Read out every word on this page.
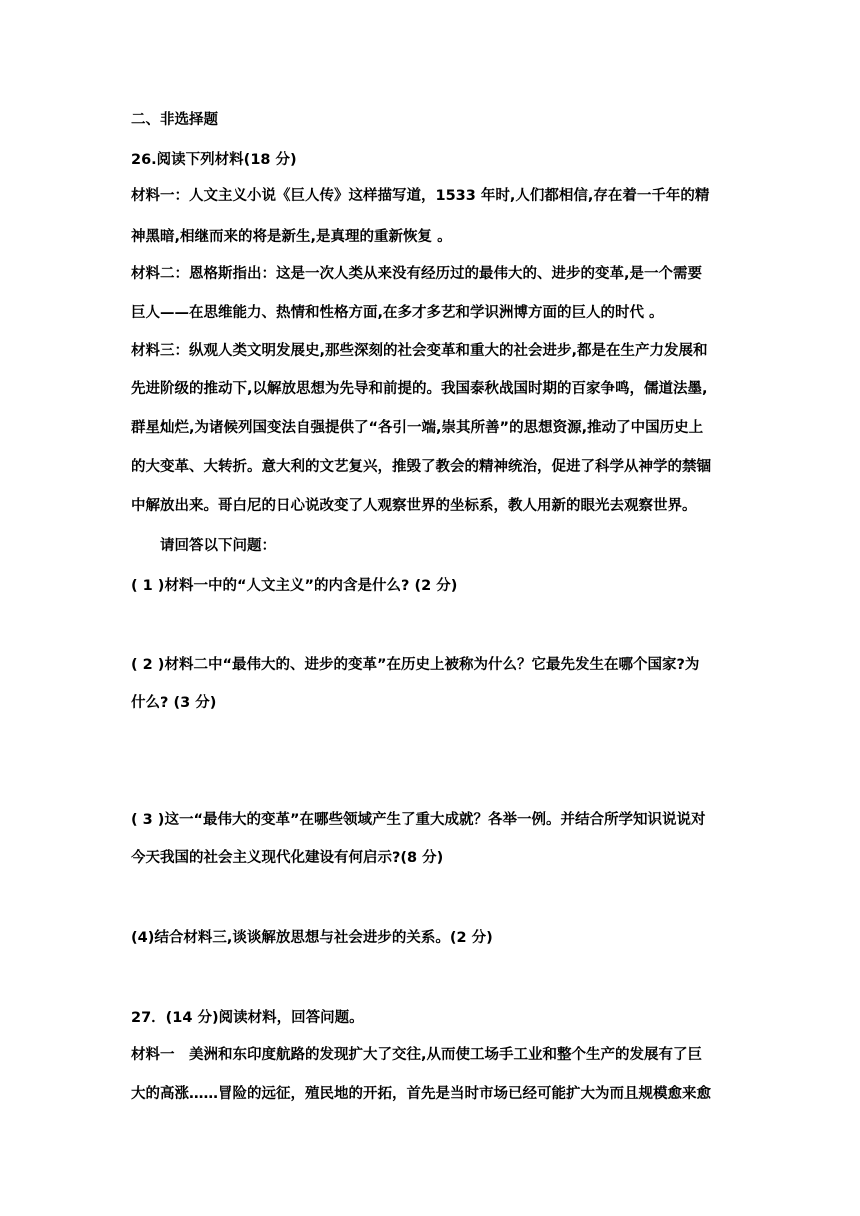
二、非选择题
26.阅读下列材料(18 分)
材料一：人文主义小说《巨人传》这样描写道，1533 年时,人们都相信,存在着一千年的精
神黑暗,相继而来的将是新生,是真理的重新恢复 。
材料二：恩格斯指出：这是一次人类从来没有经历过的最伟大的、进步的变革,是一个需要
巨人——在思维能力、热情和性格方面,在多才多艺和学识洲博方面的巨人的时代 。
材料三：纵观人类文明发展史,那些深刻的社会变革和重大的社会进步,都是在生产力发展和
先进阶级的推动下,以解放思想为先导和前提的。我国泰秋战国时期的百家争鸣，儒道法墨,
群星灿烂,为诸候列国变法自强提供了“各引一端,崇其所善”的思想资源,推动了中国历史上
的大变革、大转折。意大利的文艺复兴，推毁了教会的精神统治，促进了科学从神学的禁锢
中解放出来。哥白尼的日心说改变了人观察世界的坐标系，教人用新的眼光去观察世界。
请回答以下问题：
( 1 )材料一中的“人文主义”的内含是什么? (2 分)
( 2 )材料二中“最伟大的、进步的变革”在历史上被称为什么？它最先发生在哪个国家?为
什么? (3 分)
( 3 )这一“最伟大的变革”在哪些领域产生了重大成就？各举一例。并结合所学知识说说对
今天我国的社会主义现代化建设有何启示?(8 分)
(4)结合材料三,谈谈解放思想与社会进步的关系。(2 分)
27．(14 分)阅读材料，回答问题。
材料一　美洲和东印度航路的发现扩大了交往,从而使工场手工业和整个生产的发展有了巨
大的高涨……冒险的远征，殖民地的开拓，首先是当时市场已经可能扩大为而且规模愈来愈
